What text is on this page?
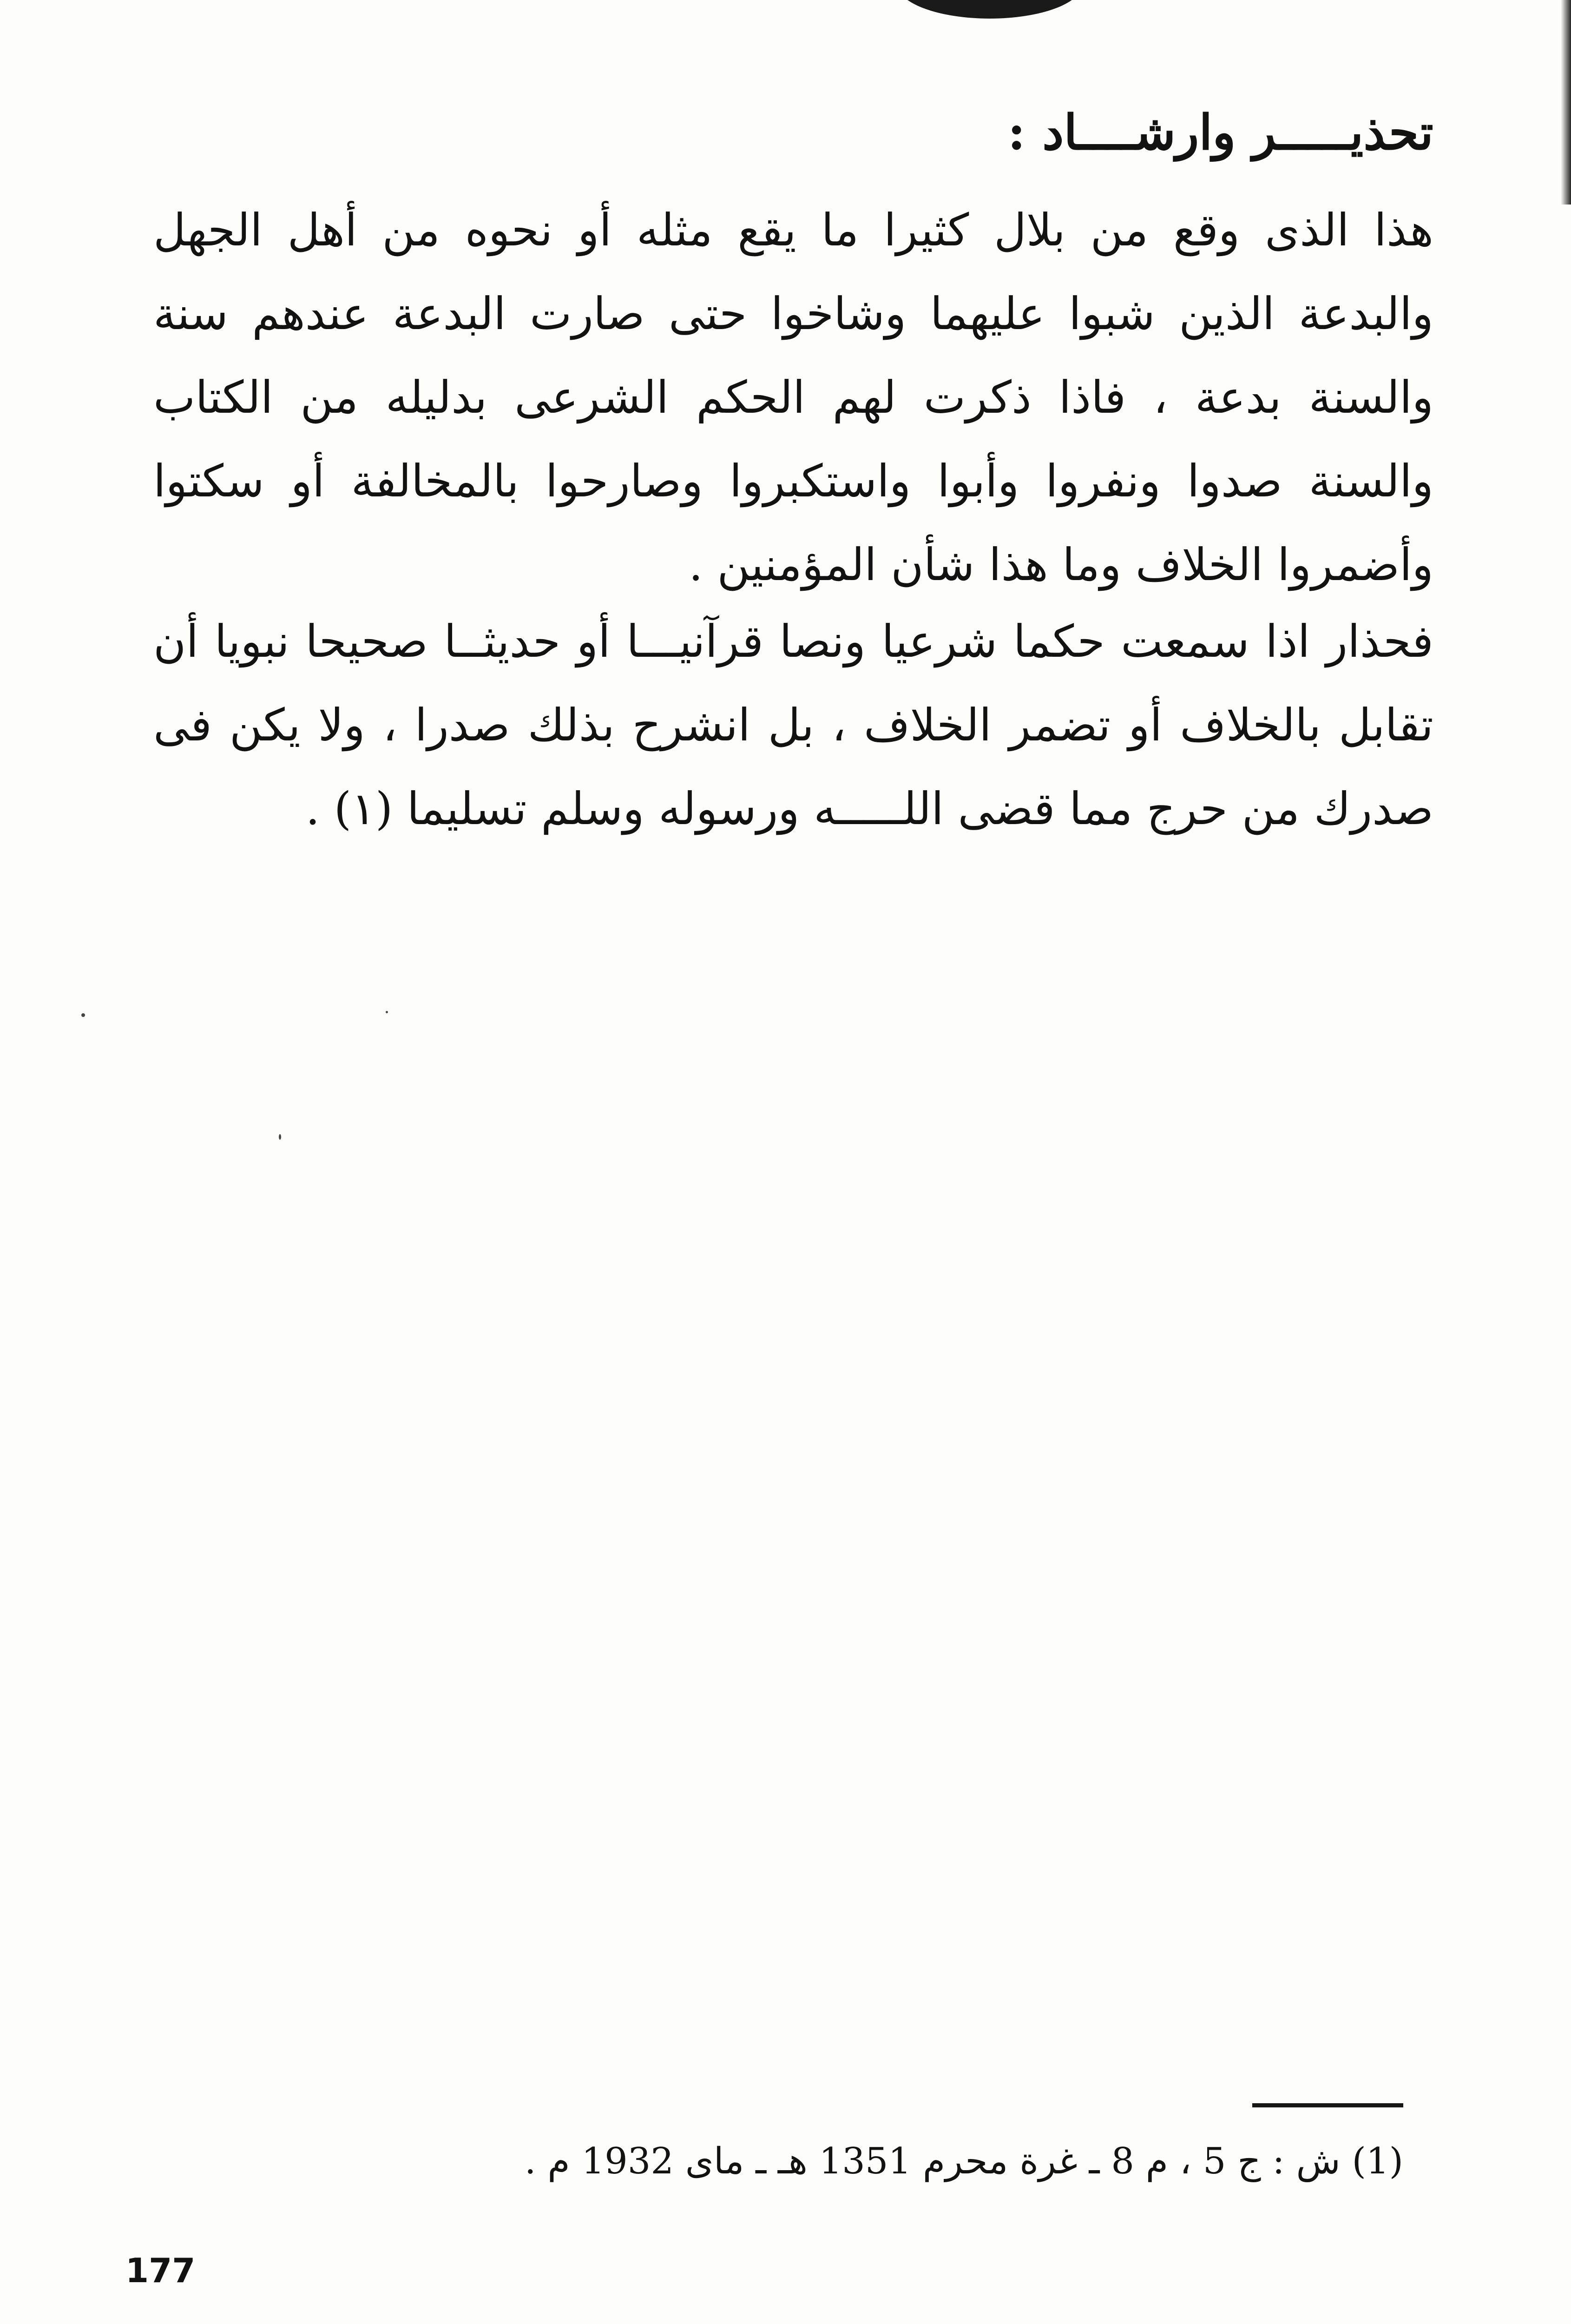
تحذيـــــر وارشــــاد :
هذا الذى وقع من بلال كثيرا ما يقع مثله أو نحوه من أهل الجهل والبدعة الذين شبوا عليهما وشاخوا حتى صارت البدعة عندهم سنة والسنة بدعة ، فاذا ذكرت لهم الحكم الشرعى بدليله من الكتاب والسنة صدوا ونفروا وأبوا واستكبروا وصارحوا بالمخالفة أو سكتوا وأضمروا الخلاف وما هذا شأن المؤمنين .
فحذار اذا سمعت حكما شرعيا ونصا قرآنيـــا أو حديثــا صحيحا نبويا أن تقابل بالخلاف أو تضمر الخلاف ، بل انشرح بذلك صدرا ، ولا يكن فى صدرك من حرج مما قضى اللـــــه ورسوله وسلم تسليما (١) .
(1) ش : ج 5 ، م 8 ـ غرة محرم 1351 هـ ـ ماى 1932 م .
177
